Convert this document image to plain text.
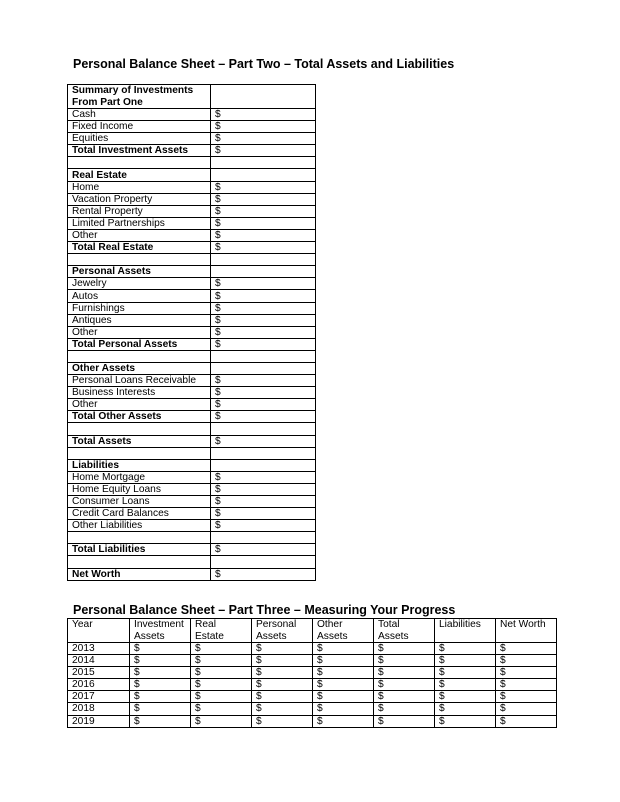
Personal Balance Sheet – Part Two – Total Assets and Liabilities
Summary of Investments From Part One	
Cash	$
Fixed Income	$
Equities	$
Total Investment Assets	$

Real Estate	
Home	$
Vacation Property	$
Rental Property	$
Limited Partnerships	$
Other	$
Total Real Estate	$

Personal Assets	
Jewelry	$
Autos	$
Furnishings	$
Antiques	$
Other	$
Total Personal Assets	$

Other Assets	
Personal Loans Receivable	$
Business Interests	$
Other	$
Total Other Assets	$

Total Assets	$

Liabilities	
Home Mortgage	$
Home Equity Loans	$
Consumer Loans	$
Credit Card Balances	$
Other Liabilities	$

Total Liabilities	$

Net Worth	$
Personal Balance Sheet – Part Three – Measuring Your Progress
Year	Investment Assets	Real Estate	Personal Assets	Other Assets	Total Assets	Liabilities	Net Worth
2013	$	$	$	$	$	$	$
2014	$	$	$	$	$	$	$
2015	$	$	$	$	$	$	$
2016	$	$	$	$	$	$	$
2017	$	$	$	$	$	$	$
2018	$	$	$	$	$	$	$
2019	$	$	$	$	$	$	$
